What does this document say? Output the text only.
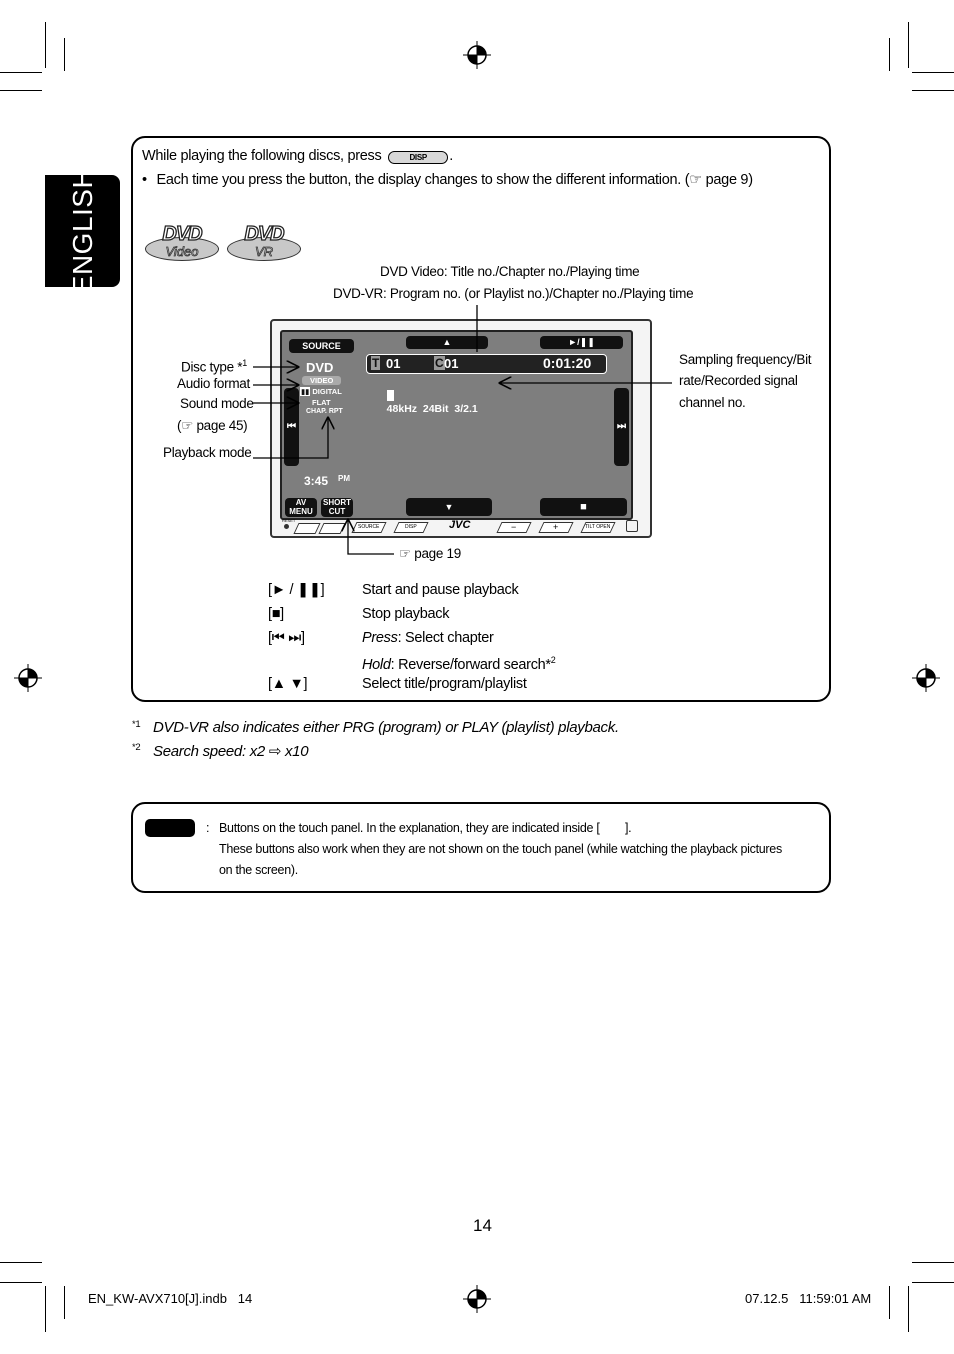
ENGLISH
While playing the following discs, press	DISP .
• Each time you press the button, the display changes to show the different information. (☞ page 9)
DVD
Video
DVD
VR
DVD Video: Title no./Chapter no./Playing time
DVD-VR: Program no. (or Playlist no.)/Chapter no./Playing time
SOURCE	▲	►/❚❚
DVD
VIDEO
▮▮ DIGITAL
FLAT
CHAP. RPT
T 01	C 01	0:01:20

48kHz  24Bit  3/2.1

⏮	⏭
3:45 PM
AV
MENU
SHORT
CUT	▼	■
RESET
SOURCE	DISP	JVC	−	+	TILT OPEN
Disc type *$^1$
Audio format
Sound mode
(☞ page 45)
Playback mode
Sampling frequency/Bit
rate/Recorded signal
channel no.
☞ page 19
[► / ❚❚]	Start and pause playback
[■]	Stop playback
[⏮ ⏭]	Press: Select chapter
Hold: Reverse/forward search*$^2$
[▲ ▼]	Select title/program/playlist
*1 DVD-VR also indicates either PRG (program) or PLAY (playlist) playback.
*2 Search speed: x2 ⇨ x10
: Buttons on the touch panel. In the explanation, they are indicated inside [        ].
These buttons also work when they are not shown on the touch panel (while watching the playback pictures
on the screen).
14
EN_KW-AVX710[J].indb   14	07.12.5   11:59:01 AM
